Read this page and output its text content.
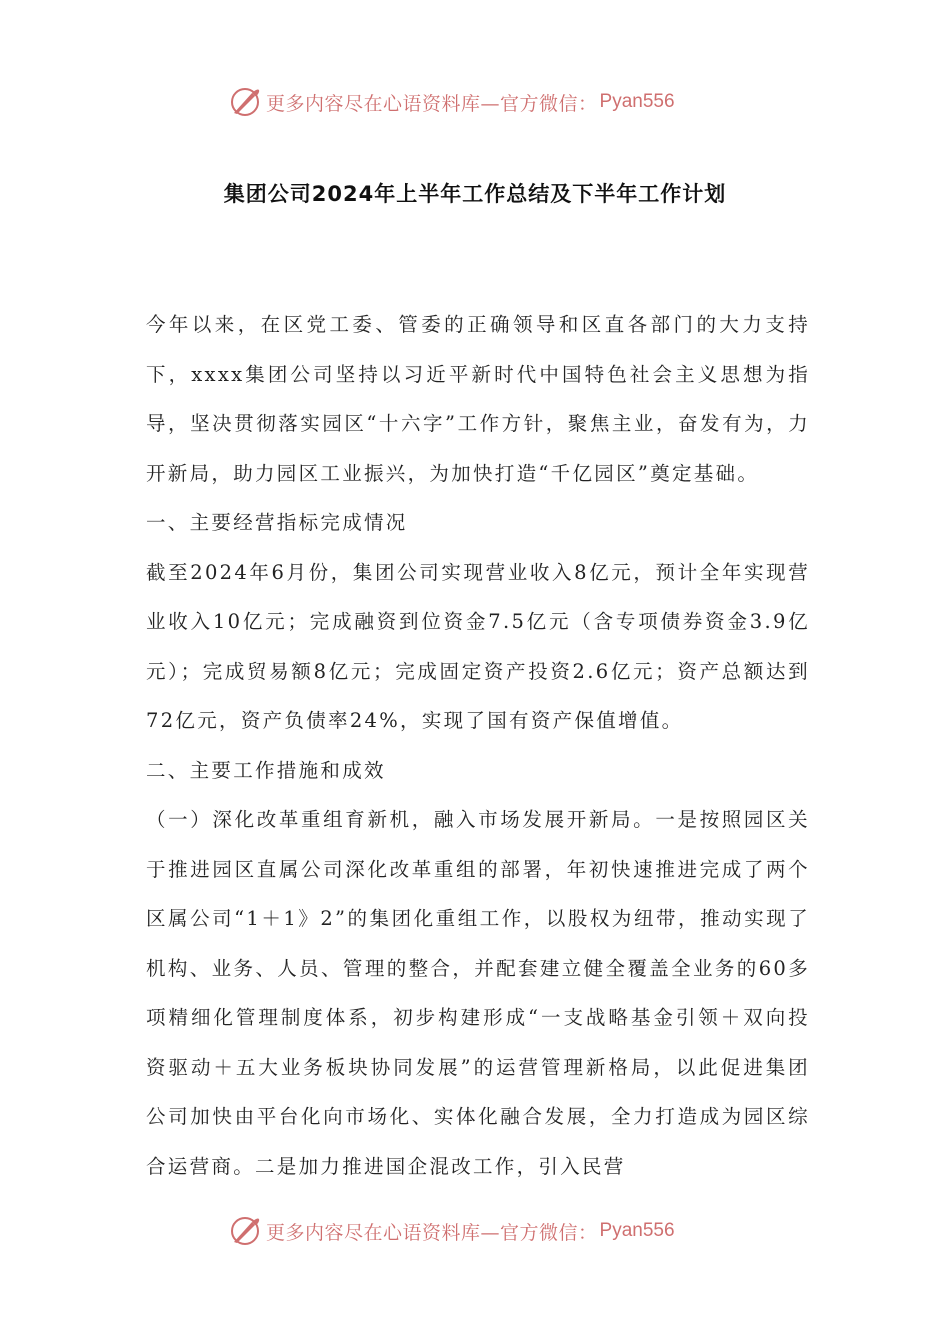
更多内容尽在心语资料库—官方微信： Pyan556
集团公司2024年上半年工作总结及下半年工作计划

今年以来，在区党工委、管委的正确领导和区直各部门的大力支持下，xxxx集团公司坚持以习近平新时代中国特色社会主义思想为指导，坚决贯彻落实园区“十六字”工作方针，聚焦主业，奋发有为，力开新局，助力园区工业振兴，为加快打造“千亿园区”奠定基础。

一、主要经营指标完成情况

截至2024年6月份，集团公司实现营业收入8亿元，预计全年实现营业收入10亿元；完成融资到位资金7.5亿元（含专项债券资金3.9亿元）；完成贸易额8亿元；完成固定资产投资2.6亿元；资产总额达到72亿元，资产负债率24%，实现了国有资产保值增值。

二、主要工作措施和成效

（一）深化改革重组育新机，融入市场发展开新局。一是按照园区关于推进园区直属公司深化改革重组的部署，年初快速推进完成了两个区属公司“1＋1》2”的集团化重组工作，以股权为纽带，推动实现了机构、业务、人员、管理的整合，并配套建立健全覆盖全业务的60多项精细化管理制度体系，初步构建形成“一支战略基金引领＋双向投资驱动＋五大业务板块协同发展”的运营管理新格局，以此促进集团公司加快由平台化向市场化、实体化融合发展，全力打造成为园区综合运营商。二是加力推进国企混改工作，引入民营

更多内容尽在心语资料库—官方微信： Pyan556
